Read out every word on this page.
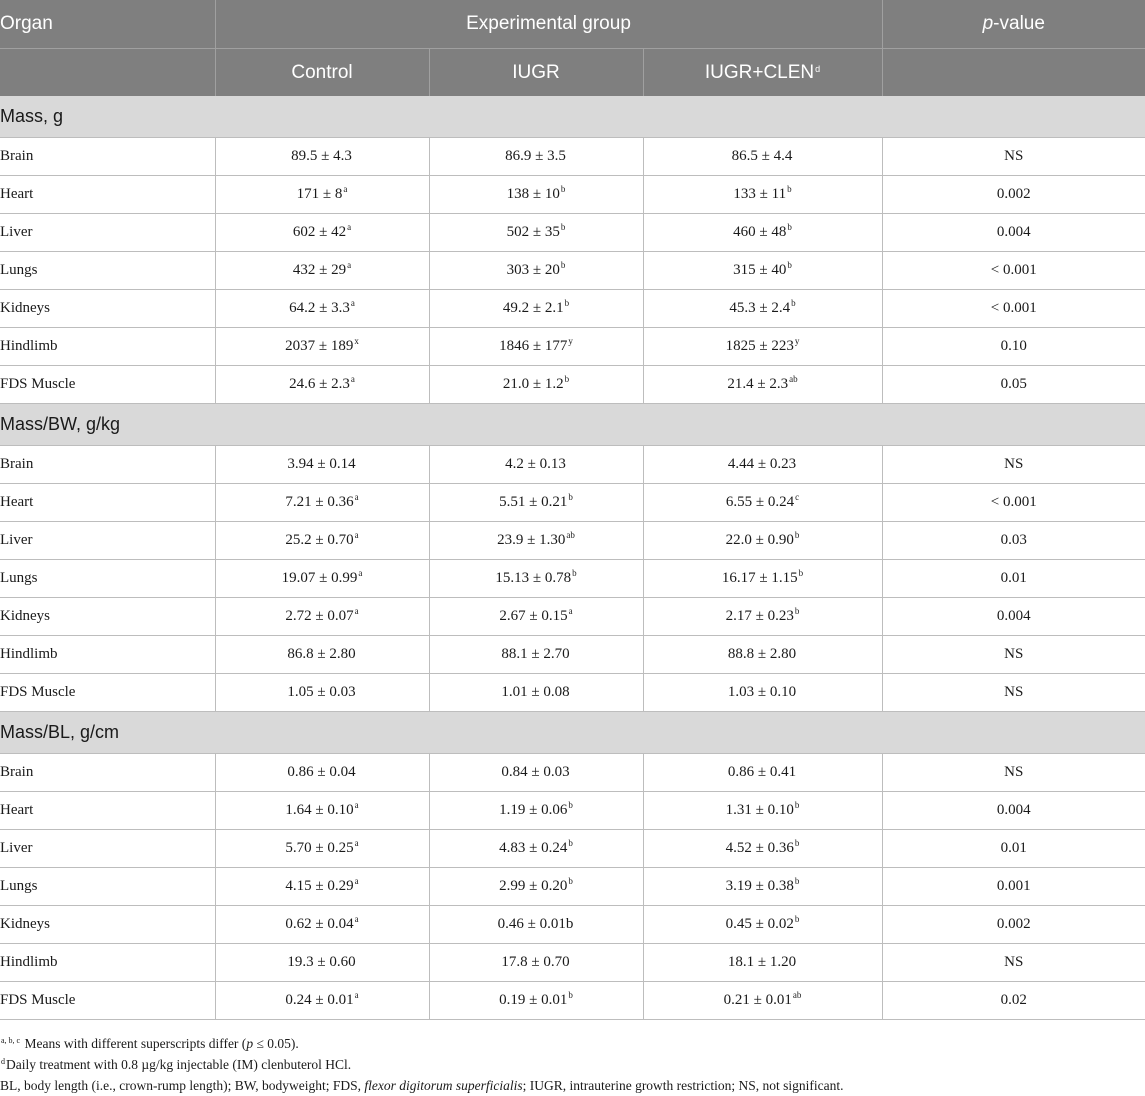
Organ	Experimental group			p-value
	Control	IUGR	$IUGR+CLEN^d$	
Mass, g				
Brain	89.5 ± 4.3	86.9 ± 3.5	86.5 ± 4.4	NS
Heart	$171 \pm 8^a$	$138 \pm 10^b$	$133 \pm 11^b$	0.002
Liver	$602 \pm 42^a$	$502 \pm 35^b$	$460 \pm 48^b$	0.004
Lungs	$432 \pm 29^a$	$303 \pm 20^b$	$315 \pm 40^b$	< 0.001
Kidneys	64.2 ± 3.3$^a$	49.2 ± 2.1$^b$	45.3 ± 2.4$^b$	< 0.001
Hindlimb	$2037 \pm 189^x$	$1846 \pm 177^y$	$1825 \pm 223^y$	0.10
FDS Muscle	24.6 ± 2.3$^a$	21.0 ± 1.2$^b$	21.4 ± 2.3$^{ab}$	0.05
Mass/BW, g/kg				
Brain	3.94 ± 0.14	4.2 ± 0.13	4.44 ± 0.23	NS
Heart	7.21 ± 0.36$^a$	5.51 ± 0.21$^b$	6.55 ± 0.24$^c$	< 0.001
Liver	25.2 ± 0.70$^a$	23.9 ± 1.30$^{ab}$	22.0 ± 0.90$^b$	0.03
Lungs	19.07 ± 0.99$^a$	15.13 ± 0.78$^b$	16.17 ± 1.15$^b$	0.01
Kidneys	2.72 ± 0.07$^a$	2.67 ± 0.15$^a$	2.17 ± 0.23$^b$	0.004
Hindlimb	86.8 ± 2.80	88.1 ± 2.70	88.8 ± 2.80	NS
FDS Muscle	1.05 ± 0.03	1.01 ± 0.08	1.03 ± 0.10	NS
Mass/BL, g/cm				
Brain	0.86 ± 0.04	0.84 ± 0.03	0.86 ± 0.41	NS
Heart	1.64 ± 0.10$^a$	1.19 ± 0.06$^b$	1.31 ± 0.10$^b$	0.004
Liver	5.70 ± 0.25$^a$	4.83 ± 0.24$^b$	4.52 ± 0.36$^b$	0.01
Lungs	4.15 ± 0.29$^a$	2.99 ± 0.20$^b$	3.19 ± 0.38$^b$	0.001
Kidneys	0.62 ± 0.04$^a$	0.46 ± 0.01b	0.45 ± 0.02$^b$	0.002
Hindlimb	19.3 ± 0.60	17.8 ± 0.70	18.1 ± 1.20	NS
FDS Muscle	0.24 ± 0.01$^a$	0.19 ± 0.01$^b$	0.21 ± 0.01$^{ab}$	0.02
$^{a, b, c}$ Means with different superscripts differ (p ≤ 0.05).
$^d$Daily treatment with 0.8 µg/kg injectable (IM) clenbuterol HCl.
BL, body length (i.e., crown-rump length); BW, bodyweight; FDS, flexor digitorum superficialis; IUGR, intrauterine growth restriction; NS, not significant.
